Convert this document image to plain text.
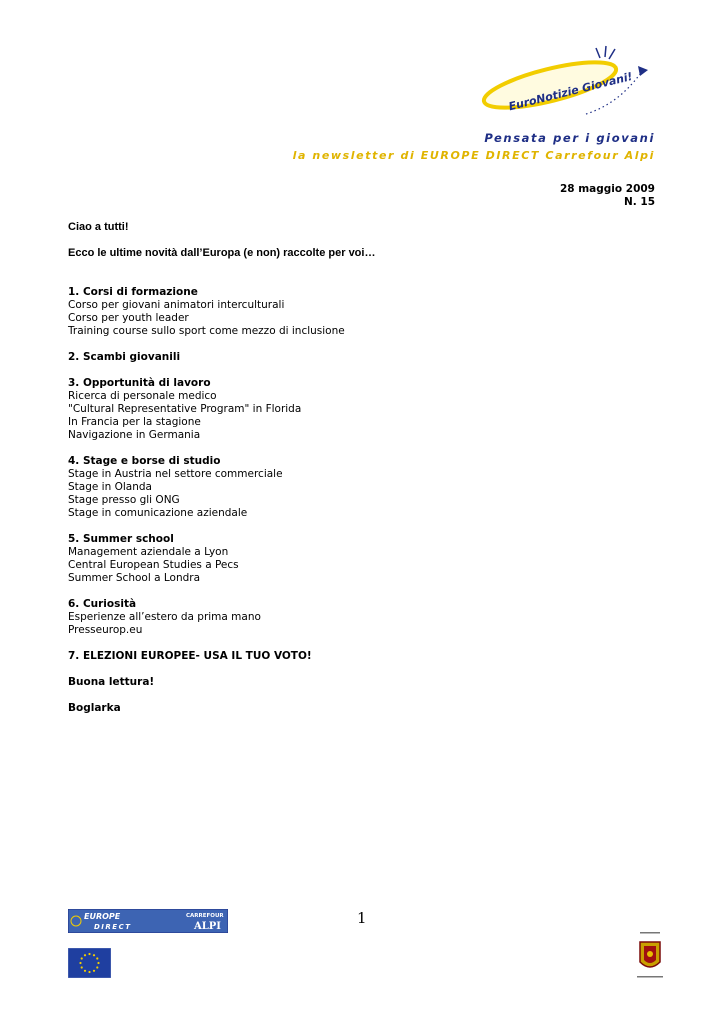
EuroNotizie Giovani!
Pensata per i giovani
la newsletter di EUROPE DIRECT Carrefour Alpi
28 maggio 2009
N. 15
Ciao a tutti!
Ecco le ultime novità dall’Europa (e non) raccolte per voi…
1. Corsi di formazione
Corso per giovani animatori interculturali
Corso per youth leader
Training course sullo sport come mezzo di inclusione
2. Scambi giovanili
3. Opportunità di lavoro
Ricerca di personale medico
"Cultural Representative Program" in Florida
In Francia per la stagione
Navigazione in Germania
4. Stage e borse di studio
Stage in Austria nel settore commerciale
Stage in Olanda
Stage presso gli ONG
Stage in comunicazione aziendale
5. Summer school
Management aziendale a Lyon
Central European Studies a Pecs
Summer School a Londra
6. Curiosità
Esperienze all’estero da prima mano
Presseurop.eu
7. ELEZIONI EUROPEE- USA IL TUO VOTO!
Buona lettura!
Boglarka
1
EUROPE
DIRECT
CARREFOUR
ALPI
